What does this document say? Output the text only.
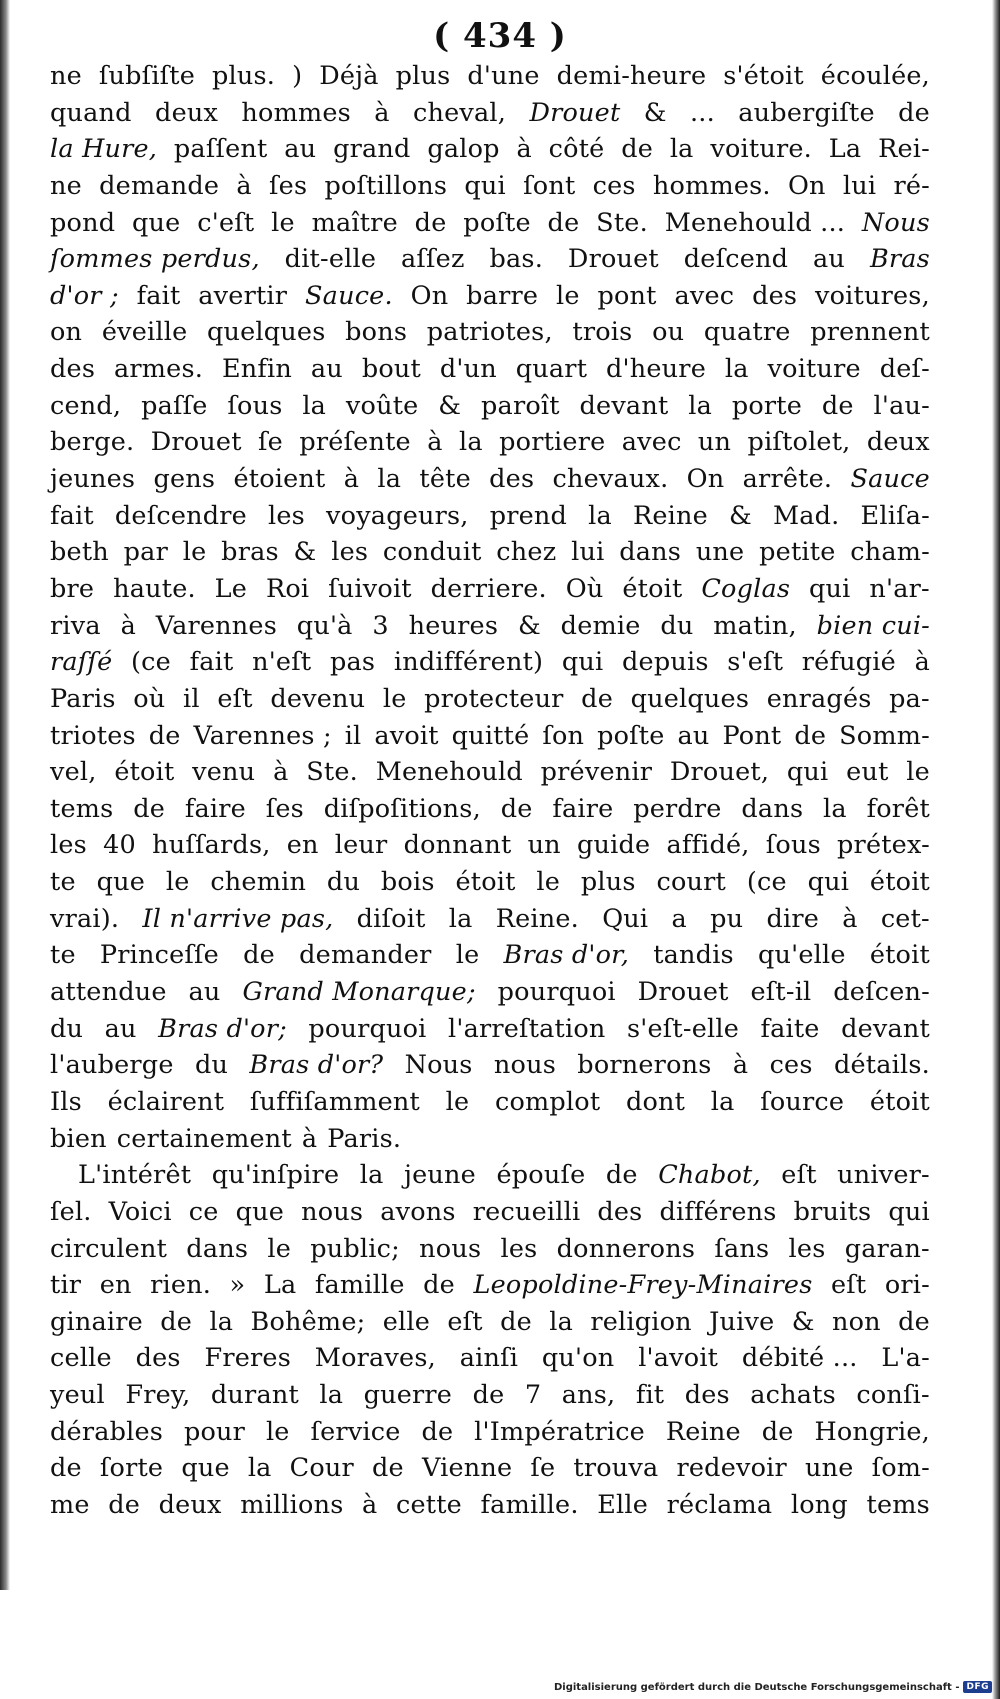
( 434 )
ne ſubſiſte plus. ) Déjà plus d'une demi-heure s'étoit écoulée,
quand deux hommes à cheval, Drouet & ... aubergiſte de
la Hure, paſſent au grand galop à côté de la voiture. La Rei-
ne demande à ſes poſtillons qui ſont ces hommes. On lui ré-
pond que c'eſt le maître de poſte de Ste. Menehould ... Nous
ſommes perdus, dit-elle aſſez bas. Drouet deſcend au Bras
d'or ; fait avertir Sauce. On barre le pont avec des voitures,
on éveille quelques bons patriotes, trois ou quatre prennent
des armes. Enfin au bout d'un quart d'heure la voiture deſ-
cend, paſſe ſous la voûte & paroît devant la porte de l'au-
berge. Drouet ſe préſente à la portiere avec un piſtolet, deux
jeunes gens étoient à la tête des chevaux. On arrête. Sauce
fait deſcendre les voyageurs, prend la Reine & Mad. Eliſa-
beth par le bras & les conduit chez lui dans une petite cham-
bre haute. Le Roi ſuivoit derriere. Où étoit Coglas qui n'ar-
riva à Varennes qu'à 3 heures & demie du matin, bien cui-
raſſé (ce fait n'eſt pas indifférent) qui depuis s'eſt réfugié à
Paris où il eſt devenu le protecteur de quelques enragés pa-
triotes de Varennes ; il avoit quitté ſon poſte au Pont de Somm-
vel, étoit venu à Ste. Menehould prévenir Drouet, qui eut le
tems de faire ſes diſpoſitions, de faire perdre dans la forêt
les 40 huſſards, en leur donnant un guide affidé, ſous prétex-
te que le chemin du bois étoit le plus court (ce qui étoit
vrai). Il n'arrive pas, diſoit la Reine. Qui a pu dire à cet-
te Princeſſe de demander le Bras d'or, tandis qu'elle étoit
attendue au Grand Monarque; pourquoi Drouet eſt-il deſcen-
du au Bras d'or; pourquoi l'arreſtation s'eſt-elle faite devant
l'auberge du Bras d'or? Nous nous bornerons à ces détails.
Ils éclairent ſuffiſamment le complot dont la ſource étoit
bien certainement à Paris.
L'intérêt qu'inſpire la jeune épouſe de Chabot, eſt univer-
ſel. Voici ce que nous avons recueilli des différens bruits qui
circulent dans le public; nous les donnerons ſans les garan-
tir en rien. » La famille de Leopoldine-Frey-Minaires eſt ori-
ginaire de la Bohême; elle eſt de la religion Juive & non de
celle des Freres Moraves, ainſi qu'on l'avoit débité ... L'a-
yeul Frey, durant la guerre de 7 ans, fit des achats conſi-
dérables pour le ſervice de l'Impératrice Reine de Hongrie,
de ſorte que la Cour de Vienne ſe trouva redevoir une ſom-
me de deux millions à cette famille. Elle réclama long tems
Digitalisierung gefördert durch die Deutsche Forschungsgemeinschaft - DFG
